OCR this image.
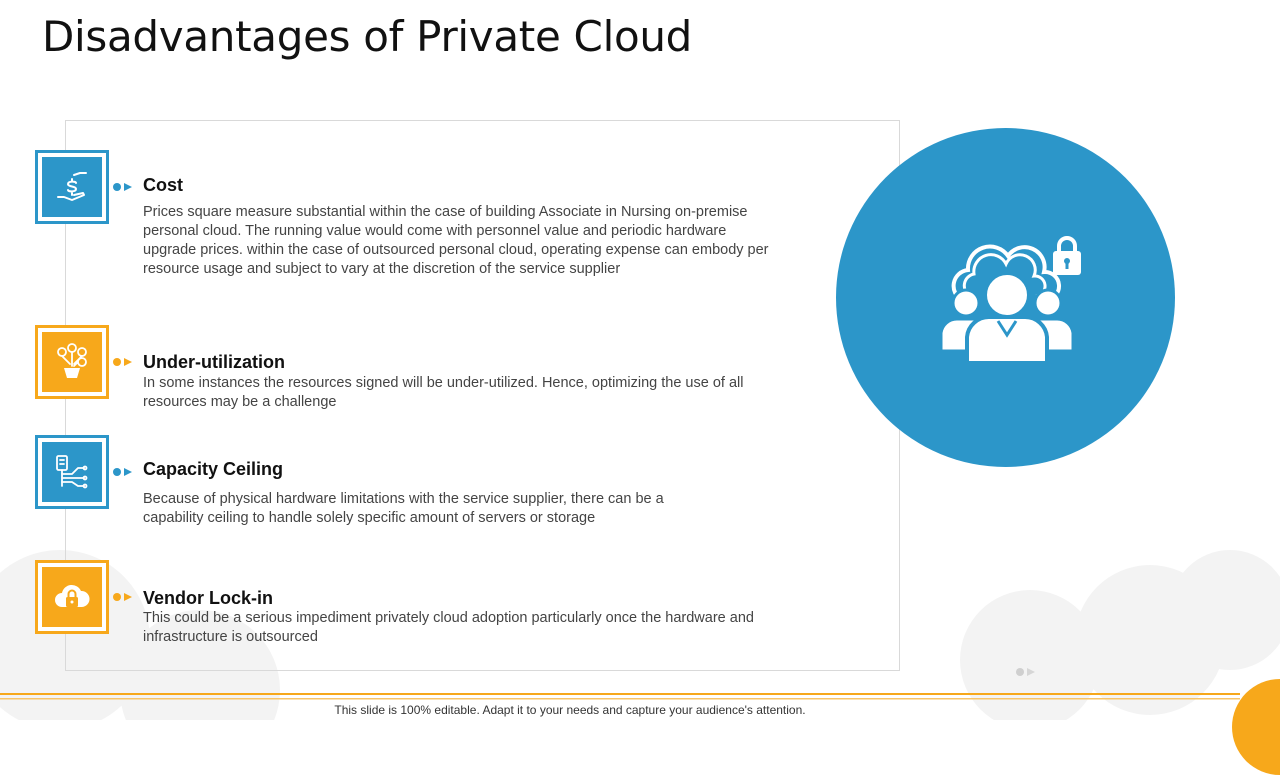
Disadvantages of Private Cloud

Cost

Prices square measure substantial within the case of building Associate in Nursing on-premise personal cloud. The running value would come with personnel value and periodic hardware upgrade prices. within the case of outsourced personal cloud, operating expense can embody per resource usage and subject to vary at the discretion of the service supplier

Under-utilization

In some instances the resources signed will be under-utilized. Hence, optimizing the use of all resources may be a challenge

Capacity Ceiling

Because of physical hardware limitations with the service supplier, there can be a capability ceiling to handle solely specific amount of servers or storage

Vendor Lock-in

This could be a serious impediment privately cloud adoption particularly once the hardware and infrastructure is outsourced

This slide is 100% editable. Adapt it to your needs and capture your audience's attention.
